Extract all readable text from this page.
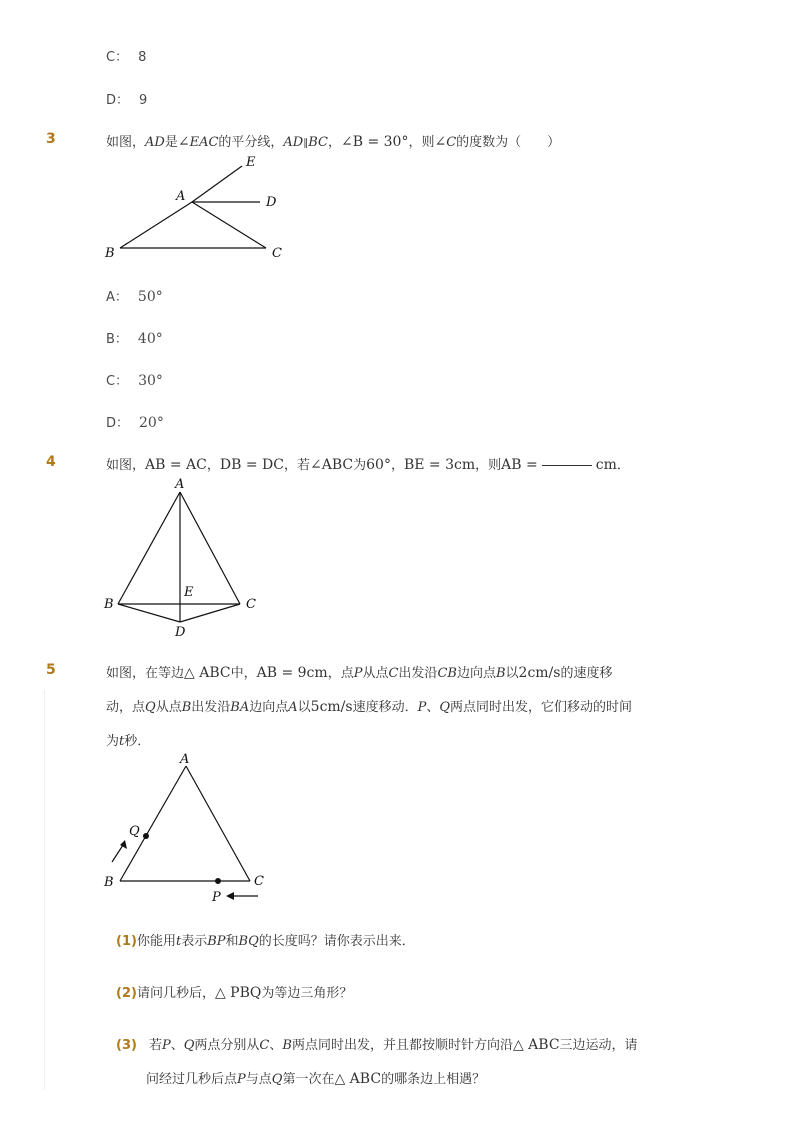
C： 8
D： 9
3	如图，AD是∠EAC的平分线，AD∥BC，∠B = 30°，则∠C的度数为（　　）
E
A	D
B	C
A： 50°
B： 40°
C： 30°
D： 20°
4	如图，AB = AC，DB = DC，若∠ABC为60°，BE = 3cm，则AB =	cm．
A
E
B	C
D
5	如图，在等边△ ABC中，AB = 9cm，点P从点C出发沿CB边向点B以2cm/s的速度移
动，点Q从点B出发沿BA边向点A以5cm/s速度移动．P、Q两点同时出发，它们移动的时间
为t秒．
A
Q
B
P
C
(1)你能用t表示BP和BQ的长度吗？请你表示出来．
(2)请问几秒后，△ PBQ为等边三角形？
(3) 若P、Q两点分别从C、B两点同时出发，并且都按顺时针方向沿△ ABC三边运动，请
问经过几秒后点P与点Q第一次在△ ABC的哪条边上相遇？
